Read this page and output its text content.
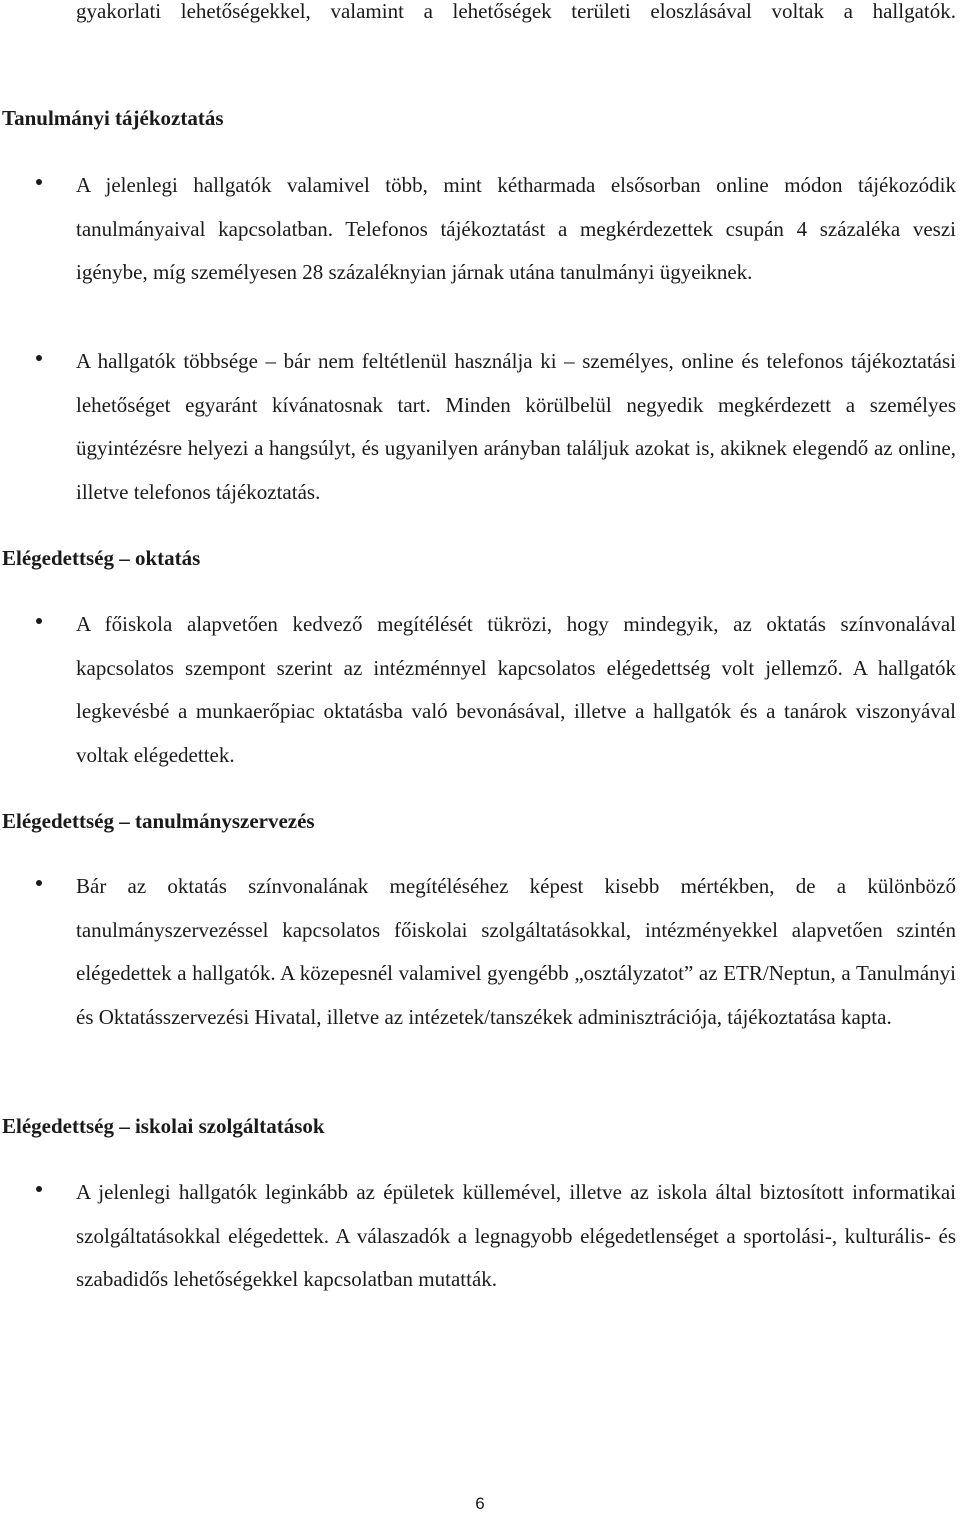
gyakorlati lehetőségekkel, valamint a lehetőségek területi eloszlásával voltak a hallgatók.

Tanulmányi tájékoztatás

A jelenlegi hallgatók valamivel több, mint kétharmada elsősorban online módon tájékozódik tanulmányaival kapcsolatban. Telefonos tájékoztatást a megkérdezettek csupán 4 százaléka veszi igénybe, míg személyesen 28 százaléknyian járnak utána tanulmányi ügyeiknek.
A hallgatók többsége – bár nem feltétlenül használja ki – személyes, online és telefonos tájékoztatási lehetőséget egyaránt kívánatosnak tart. Minden körülbelül negyedik megkérdezett a személyes ügyintézésre helyezi a hangsúlyt, és ugyanilyen arányban találjuk azokat is, akiknek elegendő az online, illetve telefonos tájékoztatás.

Elégedettség – oktatás

A főiskola alapvetően kedvező megítélését tükrözi, hogy mindegyik, az oktatás színvonalával kapcsolatos szempont szerint az intézménnyel kapcsolatos elégedettség volt jellemző. A hallgatók legkevésbé a munkaerőpiac oktatásba való bevonásával, illetve a hallgatók és a tanárok viszonyával voltak elégedettek.

Elégedettség – tanulmányszervezés

Bár az oktatás színvonalának megítéléséhez képest kisebb mértékben, de a különböző tanulmányszervezéssel kapcsolatos főiskolai szolgáltatásokkal, intézményekkel alapvetően szintén elégedettek a hallgatók. A közepesnél valamivel gyengébb „osztályzatot” az ETR/Neptun, a Tanulmányi és Oktatásszervezési Hivatal, illetve az intézetek/tanszékek adminisztrációja, tájékoztatása kapta.

Elégedettség – iskolai szolgáltatások

A jelenlegi hallgatók leginkább az épületek küllemével, illetve az iskola által biztosított informatikai szolgáltatásokkal elégedettek. A válaszadók a legnagyobb elégedetlenséget a sportolási-, kulturális- és szabadidős lehetőségekkel kapcsolatban mutatták.
6
